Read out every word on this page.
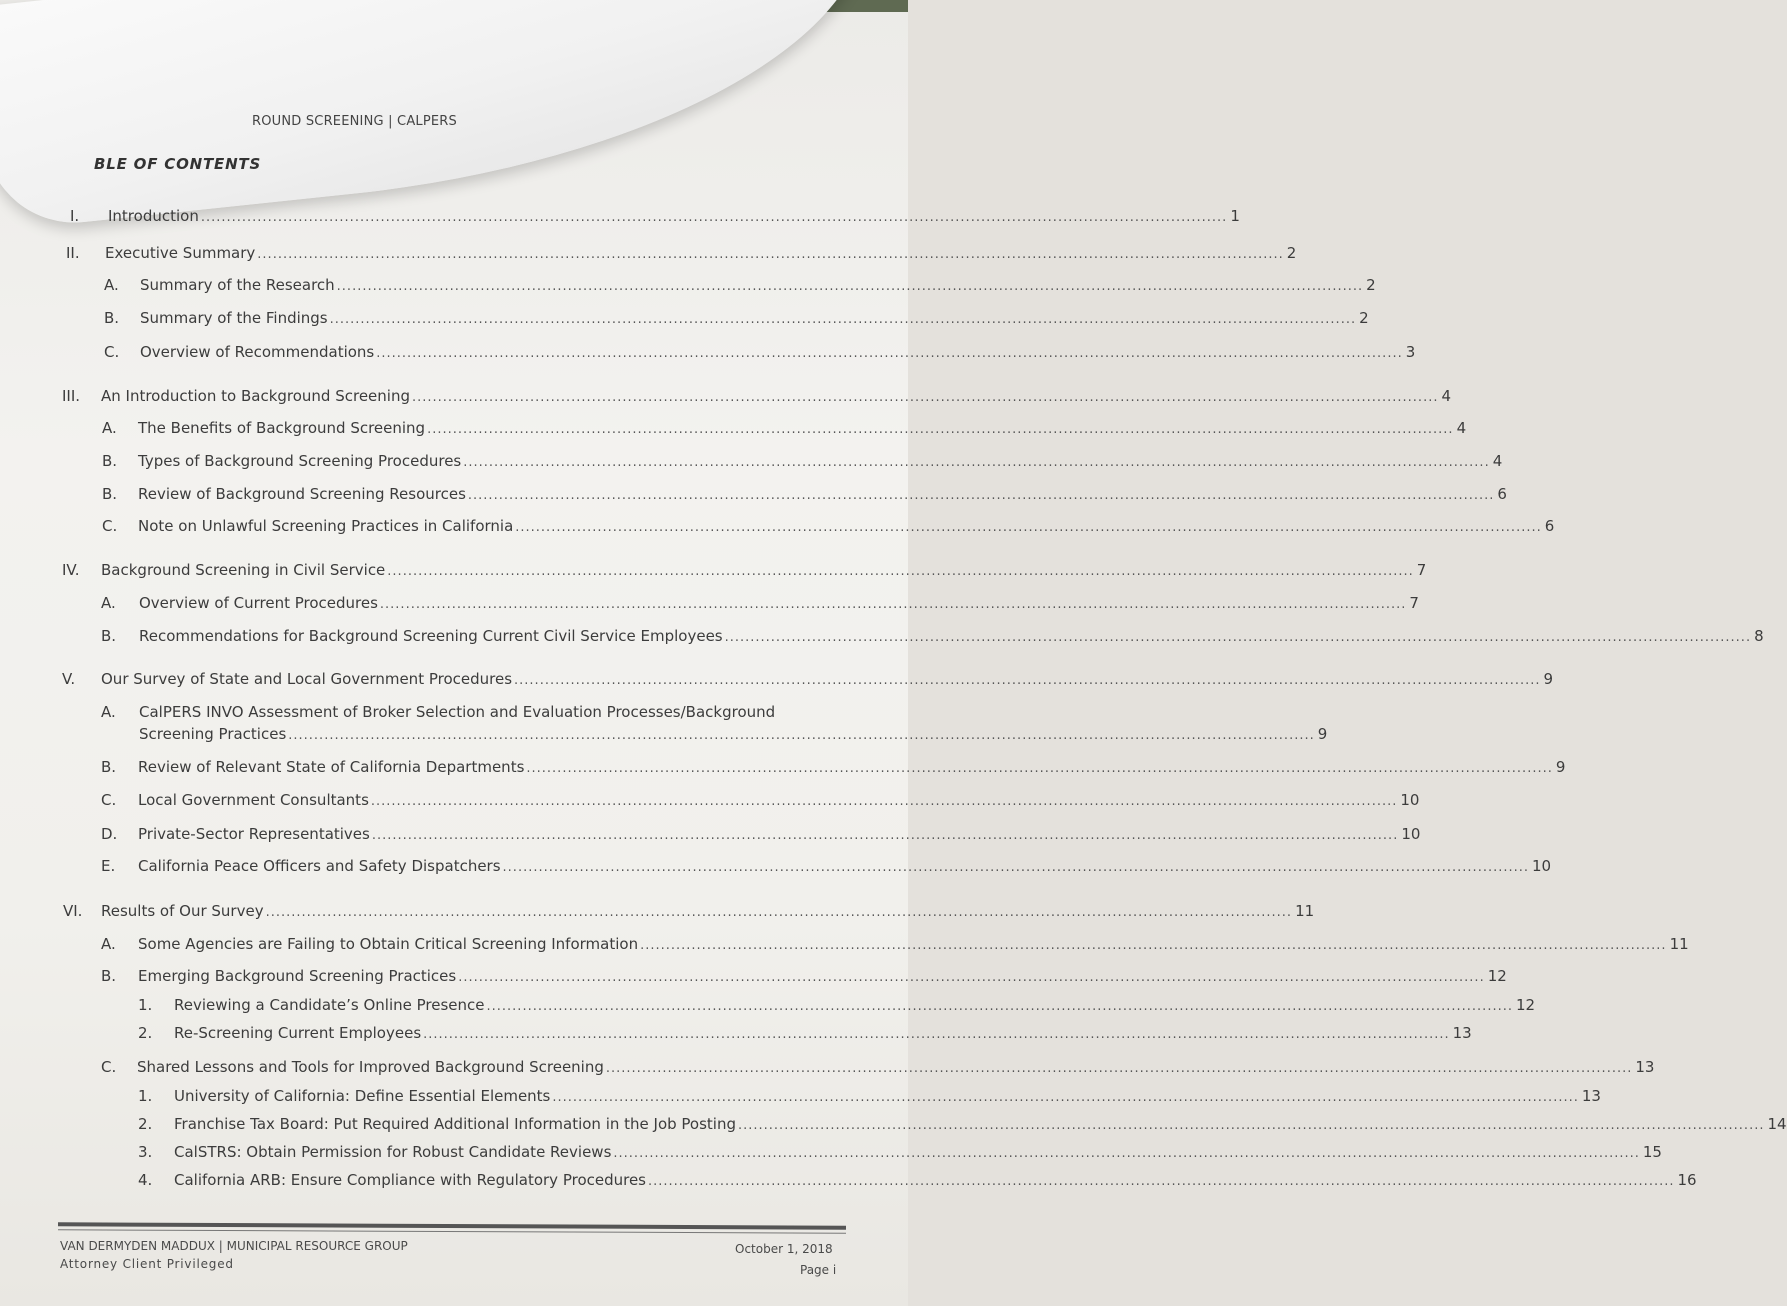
ROUND SCREENING | CALPERS
BLE OF CONTENTS
I. Introduction ........................................................................................................................................................................................................ 1
II. Executive Summary ........................................................................................................................................................................................................ 2
A. Summary of the Research ........................................................................................................................................................................................................ 2
B. Summary of the Findings ........................................................................................................................................................................................................ 2
C. Overview of Recommendations ........................................................................................................................................................................................................ 3
III. An Introduction to Background Screening ........................................................................................................................................................................................................ 4
A. The Benefits of Background Screening ........................................................................................................................................................................................................ 4
B. Types of Background Screening Procedures ........................................................................................................................................................................................................ 4
B. Review of Background Screening Resources ........................................................................................................................................................................................................ 6
C. Note on Unlawful Screening Practices in California ........................................................................................................................................................................................................ 6
IV. Background Screening in Civil Service ........................................................................................................................................................................................................ 7
A. Overview of Current Procedures ........................................................................................................................................................................................................ 7
B. Recommendations for Background Screening Current Civil Service Employees ........................................................................................................................................................................................................ 8
V. Our Survey of State and Local Government Procedures ........................................................................................................................................................................................................ 9
A. CalPERS INVO Assessment of Broker Selection and Evaluation Processes/Background
Screening Practices ........................................................................................................................................................................................................ 9
B. Review of Relevant State of California Departments ........................................................................................................................................................................................................ 9
C. Local Government Consultants ........................................................................................................................................................................................................ 10
D. Private-Sector Representatives ........................................................................................................................................................................................................ 10
E. California Peace Officers and Safety Dispatchers ........................................................................................................................................................................................................ 10
VI. Results of Our Survey ........................................................................................................................................................................................................ 11
A. Some Agencies are Failing to Obtain Critical Screening Information ........................................................................................................................................................................................................ 11
B. Emerging Background Screening Practices ........................................................................................................................................................................................................ 12
1. Reviewing a Candidate’s Online Presence ........................................................................................................................................................................................................ 12
2. Re-Screening Current Employees ........................................................................................................................................................................................................ 13
C. Shared Lessons and Tools for Improved Background Screening ........................................................................................................................................................................................................ 13
1. University of California: Define Essential Elements ........................................................................................................................................................................................................ 13
2. Franchise Tax Board: Put Required Additional Information in the Job Posting ........................................................................................................................................................................................................ 14
3. CalSTRS: Obtain Permission for Robust Candidate Reviews ........................................................................................................................................................................................................ 15
4. California ARB: Ensure Compliance with Regulatory Procedures ........................................................................................................................................................................................................ 16
VAN DERMYDEN MADDUX | MUNICIPAL RESOURCE GROUP
Attorney Client Privileged
October 1, 2018
Page i
